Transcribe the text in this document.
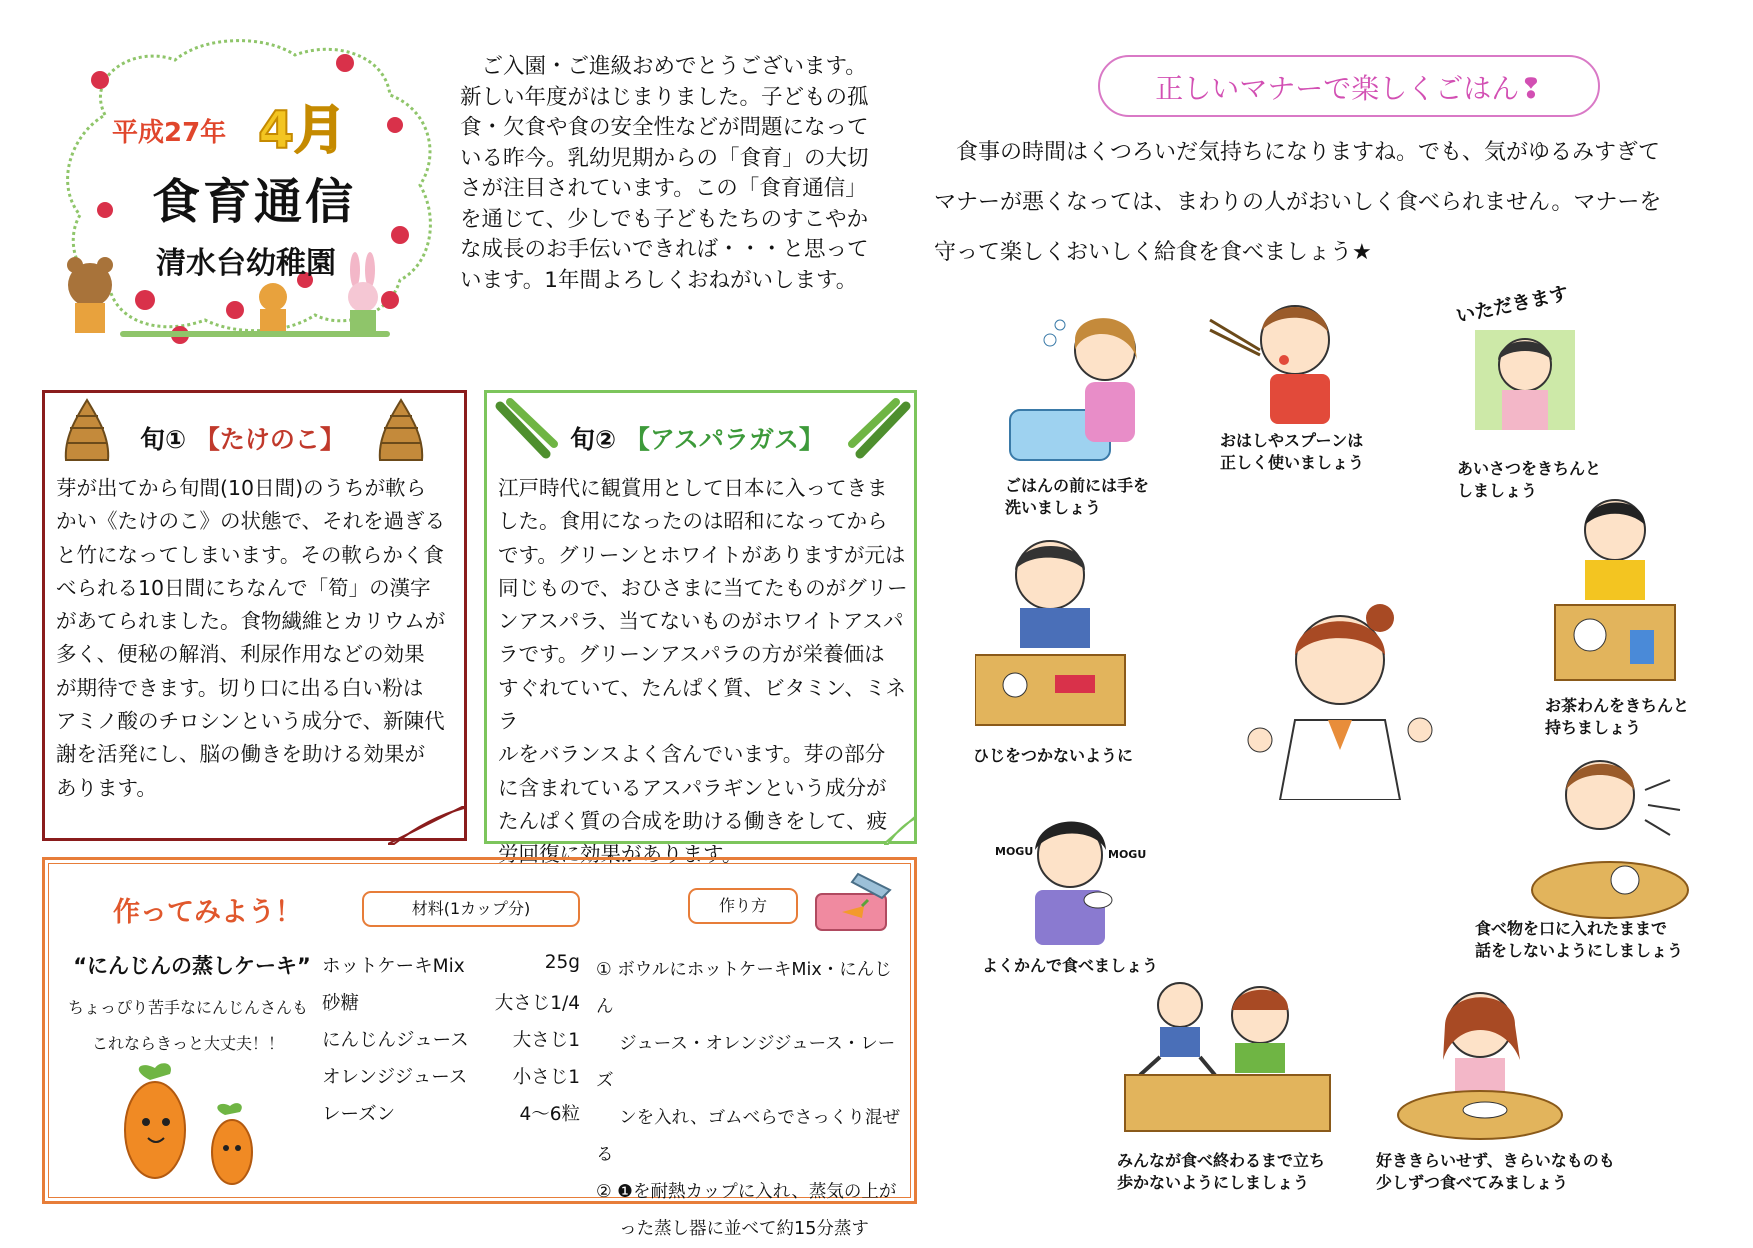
平成27年 4月
食育通信
清水台幼稚園

　ご入園・ご進級おめでとうございます。

新しい年度がはじまりました。子どもの孤

食・欠食や食の安全性などが問題になって

いる昨今。乳幼児期からの「食育」の大切

さが注目されています。この「食育通信」

を通じて、少しでも子どもたちのすこやか

な成長のお手伝いできれば・・・と思って

います。1年間よろしくおねがいします。

旬① 【たけのこ】

芽が出てから旬間(10日間)のうちが軟ら

かい《たけのこ》の状態で、それを過ぎる

と竹になってしまいます。その軟らかく食

べられる10日間にちなんで「筍」の漢字

があてられました。食物繊維とカリウムが

多く、便秘の解消、利尿作用などの効果

が期待できます。切り口に出る白い粉は

アミノ酸のチロシンという成分で、新陳代

謝を活発にし、脳の働きを助ける効果が

あります。

旬② 【アスパラガス】

江戸時代に観賞用として日本に入ってきま

した。食用になったのは昭和になってから

です。グリーンとホワイトがありますが元は

同じもので、おひさまに当てたものがグリー

ンアスパラ、当てないものがホワイトアスパ

ラです。グリーンアスパラの方が栄養価は

すぐれていて、たんぱく質、ビタミン、ミネラ

ルをバランスよく含んでいます。芽の部分

に含まれているアスパラギンという成分が

たんぱく質の合成を助ける働きをして、疲

労回復に効果があります。

作ってみよう！	材料(1カップ分)	作り方
“にんじんの蒸しケーキ”

ちょっぴり苦手なにんじんさんも

これならきっと大丈夫！！

ホットケーキMix	25g
砂糖	大さじ1/4
にんじんジュース 大さじ1
オレンジジュース 小さじ1
レーズン	4～6粒

① ボウルにホットケーキMix・にんじん

　 ジュース・オレンジジュース・レーズ

　 ンを入れ、ゴムべらでさっくり混ぜる

② ❶を耐熱カップに入れ、蒸気の上が

　 った蒸し器に並べて約15分蒸す

正しいマナーで楽しくごはん❢

　食事の時間はくつろいだ気持ちになりますね。でも、気がゆるみすぎて

マナーが悪くなっては、まわりの人がおいしく食べられません。マナーを

守って楽しくおいしく給食を食べましょう★

ごはんの前には手を

洗いましょう

おはしやスプーンは

正しく使いましょう

いただきます

あいさつをきちんと

しましょう

ひじをつかないように

お茶わんをきちんと

持ちましょう

MOGU	MOGU

よくかんで食べましょう

食べ物を口に入れたままで

話をしないようにしましょう

みんなが食べ終わるまで立ち

歩かないようにしましょう

好ききらいせず、きらいなものも

少しずつ食べてみましょう
